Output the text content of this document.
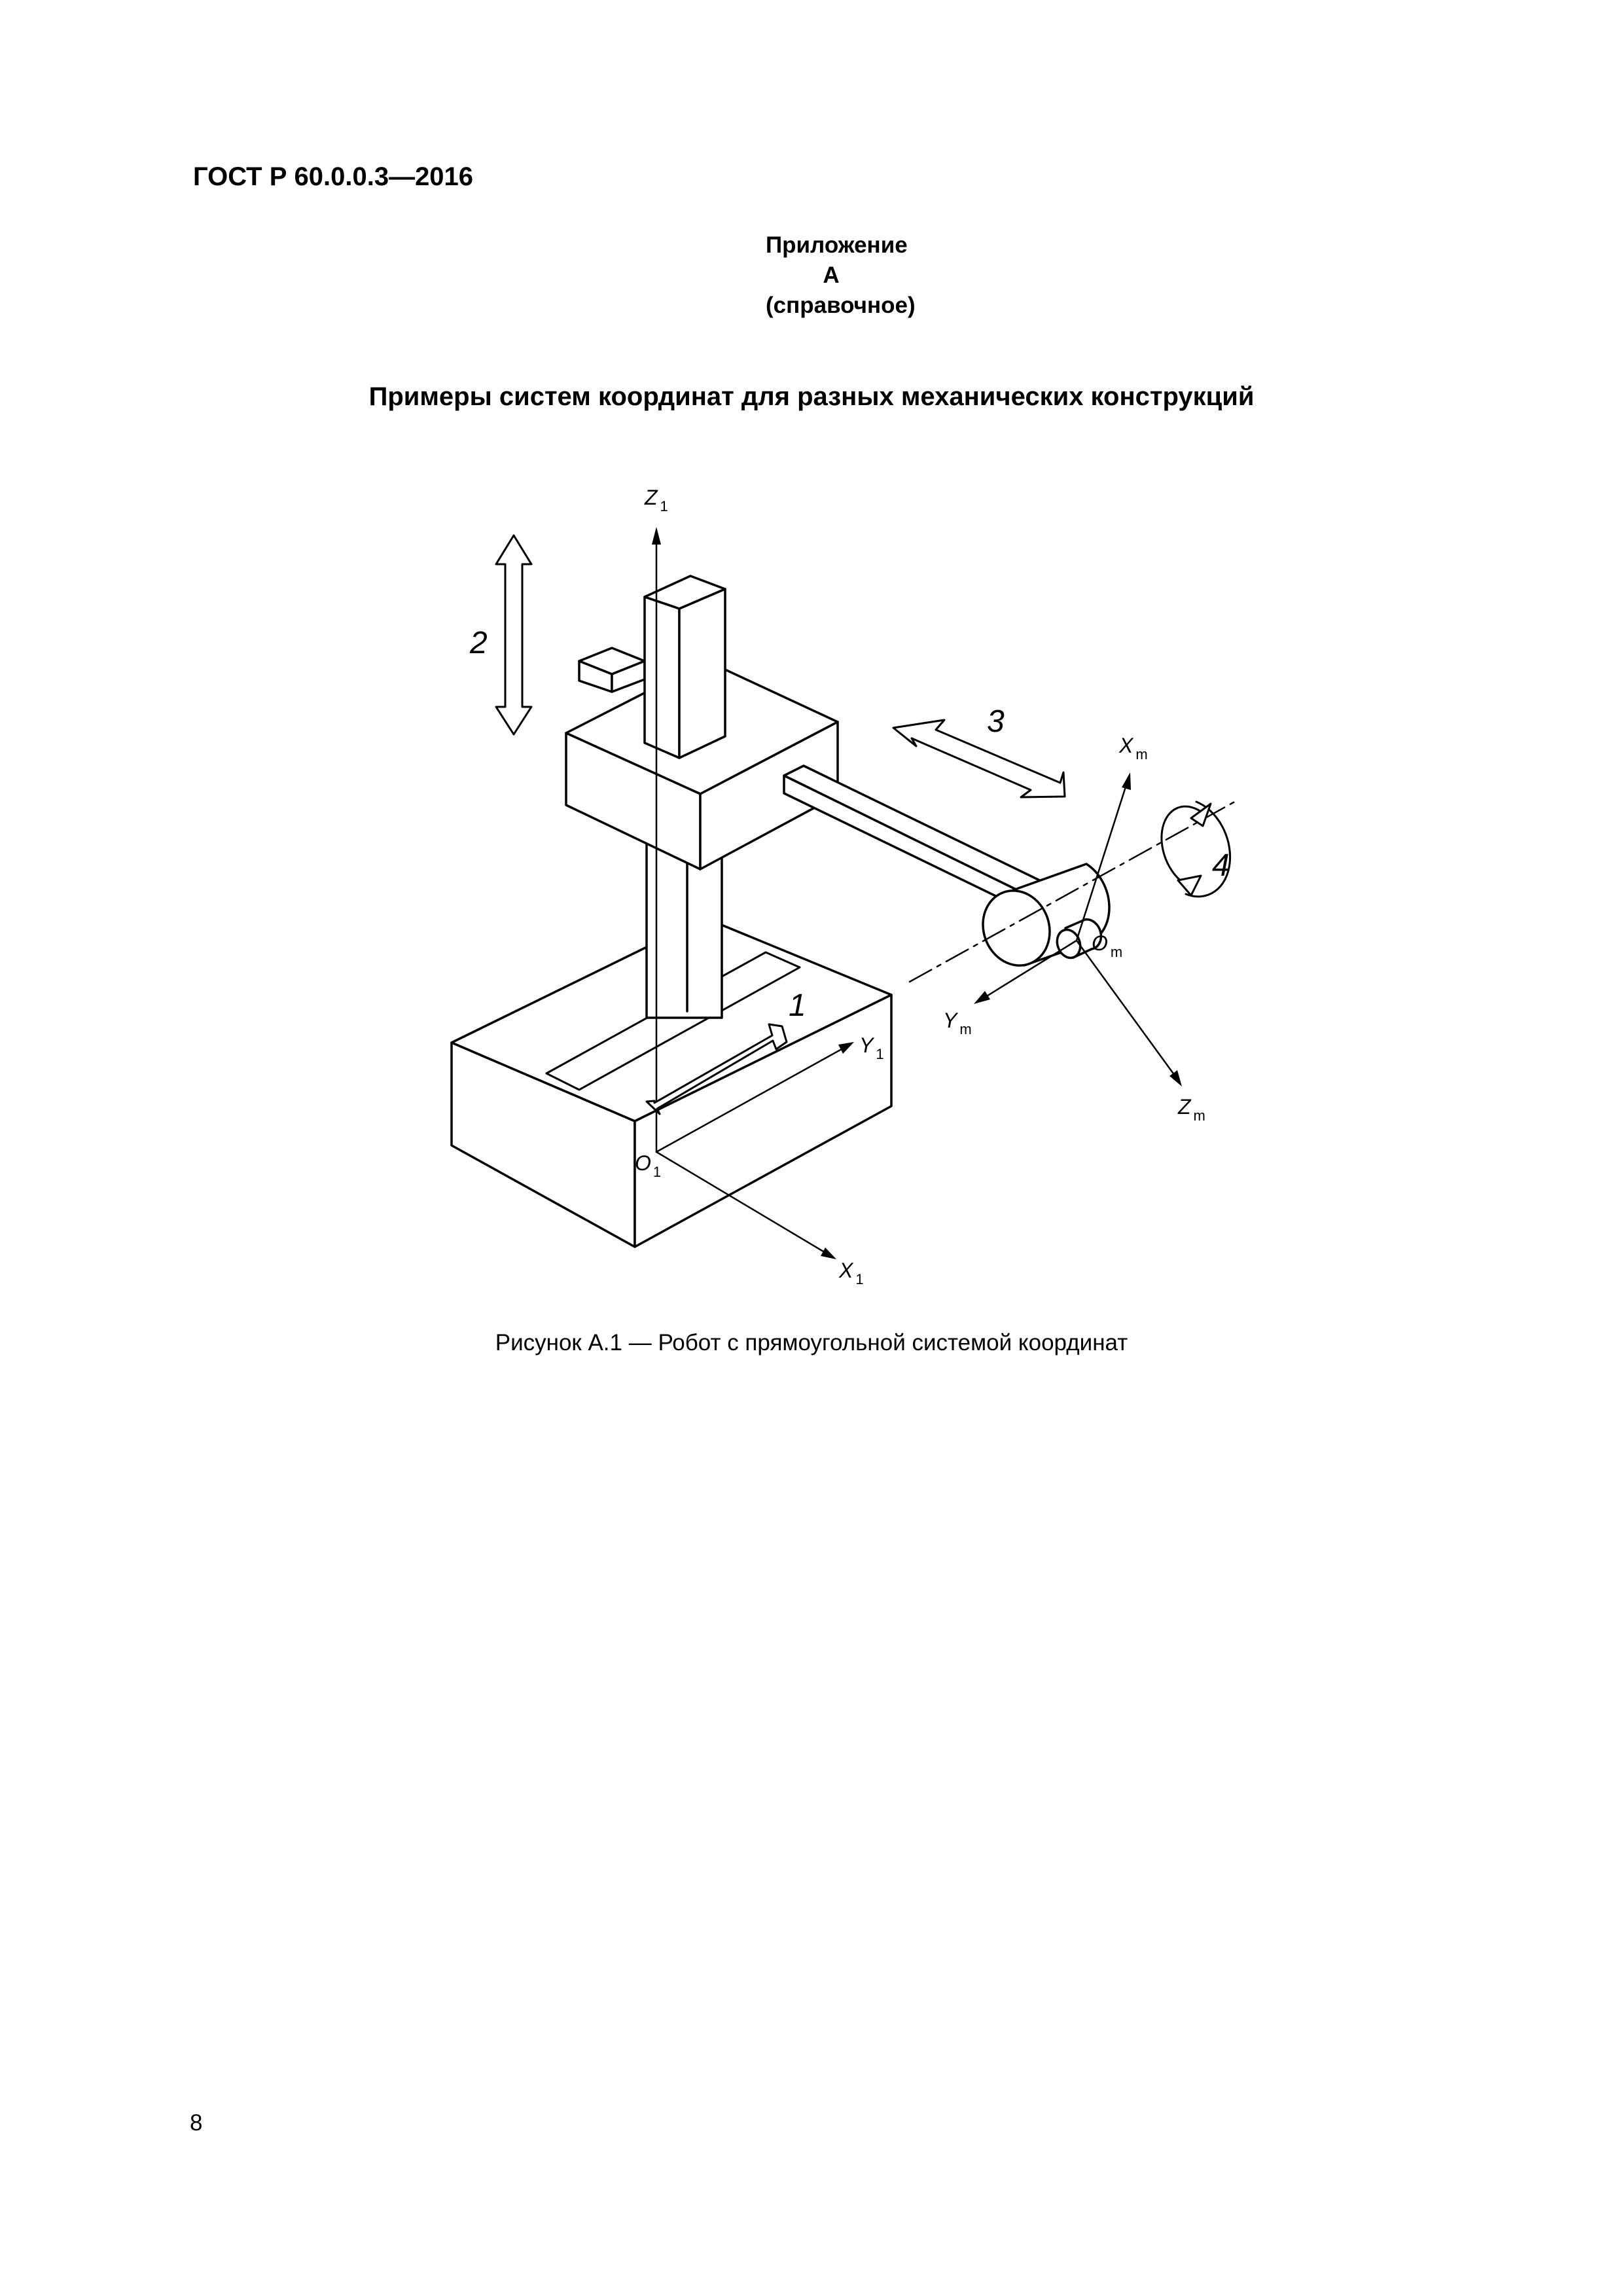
ГОСТ Р 60.0.0.3—2016
Приложение А
(справочное)
Примеры систем координат для разных механических конструкций
Z $_1$
Y $_1$
X $_1$
O $_1$
X $_m$
Y $_m$
Z $_m$
O $_m$
1
2
3
4
Рисунок А.1 — Робот с прямоугольной системой координат
8
